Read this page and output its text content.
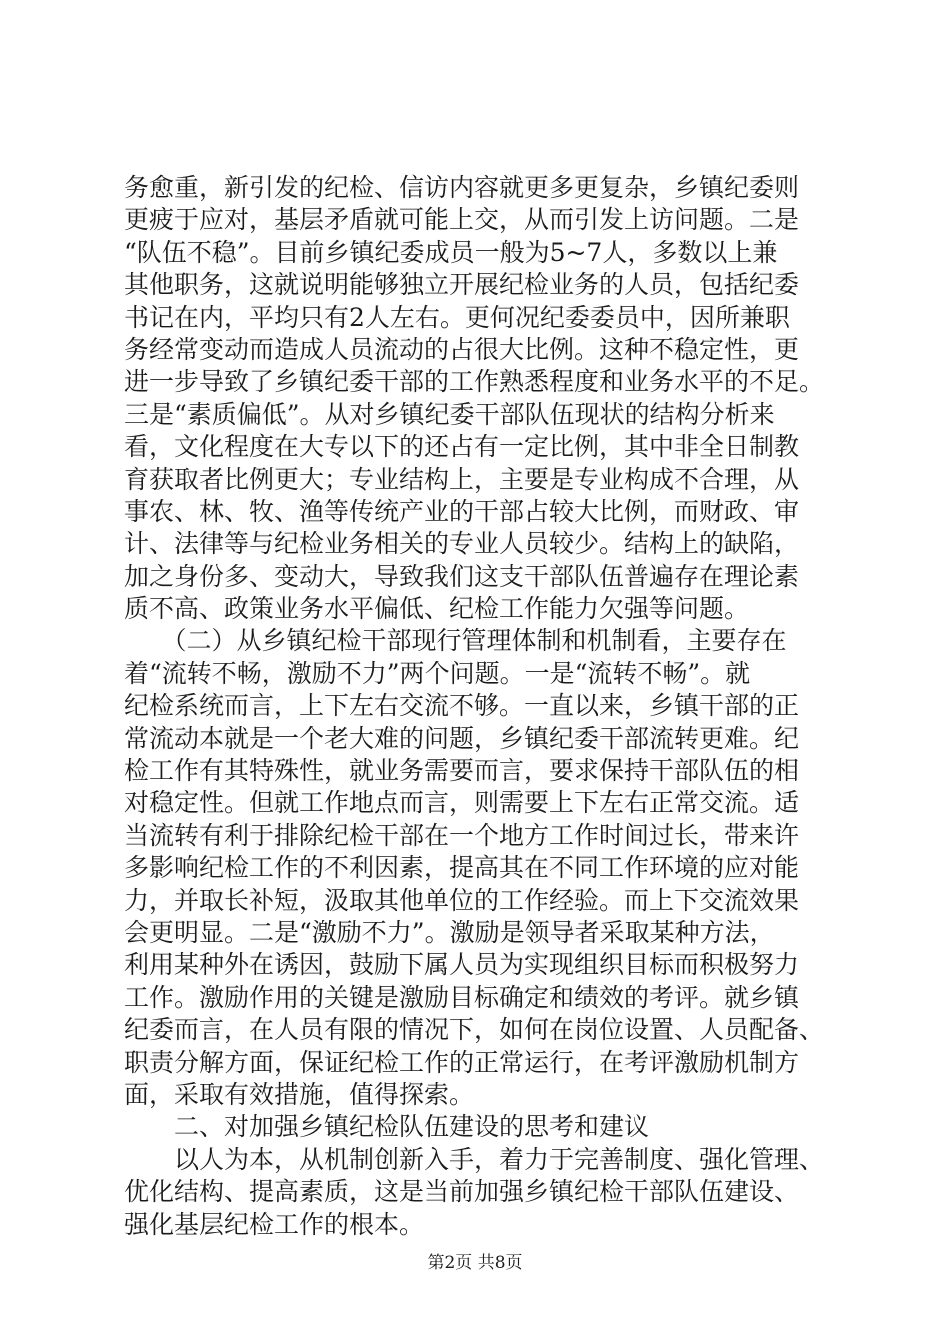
务愈重，新引发的纪检、信访内容就更多更复杂，乡镇纪委则
更疲于应对，基层矛盾就可能上交，从而引发上访问题。二是
“队伍不稳”。目前乡镇纪委成员一般为5~7人，多数以上兼
其他职务，这就说明能够独立开展纪检业务的人员，包括纪委
书记在内，平均只有2人左右。更何况纪委委员中，因所兼职
务经常变动而造成人员流动的占很大比例。这种不稳定性，更
进一步导致了乡镇纪委干部的工作熟悉程度和业务水平的不足。
三是“素质偏低”。从对乡镇纪委干部队伍现状的结构分析来
看，文化程度在大专以下的还占有一定比例，其中非全日制教
育获取者比例更大；专业结构上，主要是专业构成不合理，从
事农、林、牧、渔等传统产业的干部占较大比例，而财政、审
计、法律等与纪检业务相关的专业人员较少。结构上的缺陷，
加之身份多、变动大，导致我们这支干部队伍普遍存在理论素
质不高、政策业务水平偏低、纪检工作能力欠强等问题。
　　（二）从乡镇纪检干部现行管理体制和机制看，主要存在
着“流转不畅，激励不力”两个问题。一是“流转不畅”。就
纪检系统而言，上下左右交流不够。一直以来，乡镇干部的正
常流动本就是一个老大难的问题，乡镇纪委干部流转更难。纪
检工作有其特殊性，就业务需要而言，要求保持干部队伍的相
对稳定性。但就工作地点而言，则需要上下左右正常交流。适
当流转有利于排除纪检干部在一个地方工作时间过长，带来许
多影响纪检工作的不利因素，提高其在不同工作环境的应对能
力，并取长补短，汲取其他单位的工作经验。而上下交流效果
会更明显。二是“激励不力”。激励是领导者采取某种方法，
利用某种外在诱因，鼓励下属人员为实现组织目标而积极努力
工作。激励作用的关键是激励目标确定和绩效的考评。就乡镇
纪委而言，在人员有限的情况下，如何在岗位设置、人员配备、
职责分解方面，保证纪检工作的正常运行，在考评激励机制方
面，采取有效措施，值得探索。
　　二、对加强乡镇纪检队伍建设的思考和建议
　　以人为本，从机制创新入手，着力于完善制度、强化管理、
优化结构、提高素质，这是当前加强乡镇纪检干部队伍建设、
强化基层纪检工作的根本。
第2页 共8页
